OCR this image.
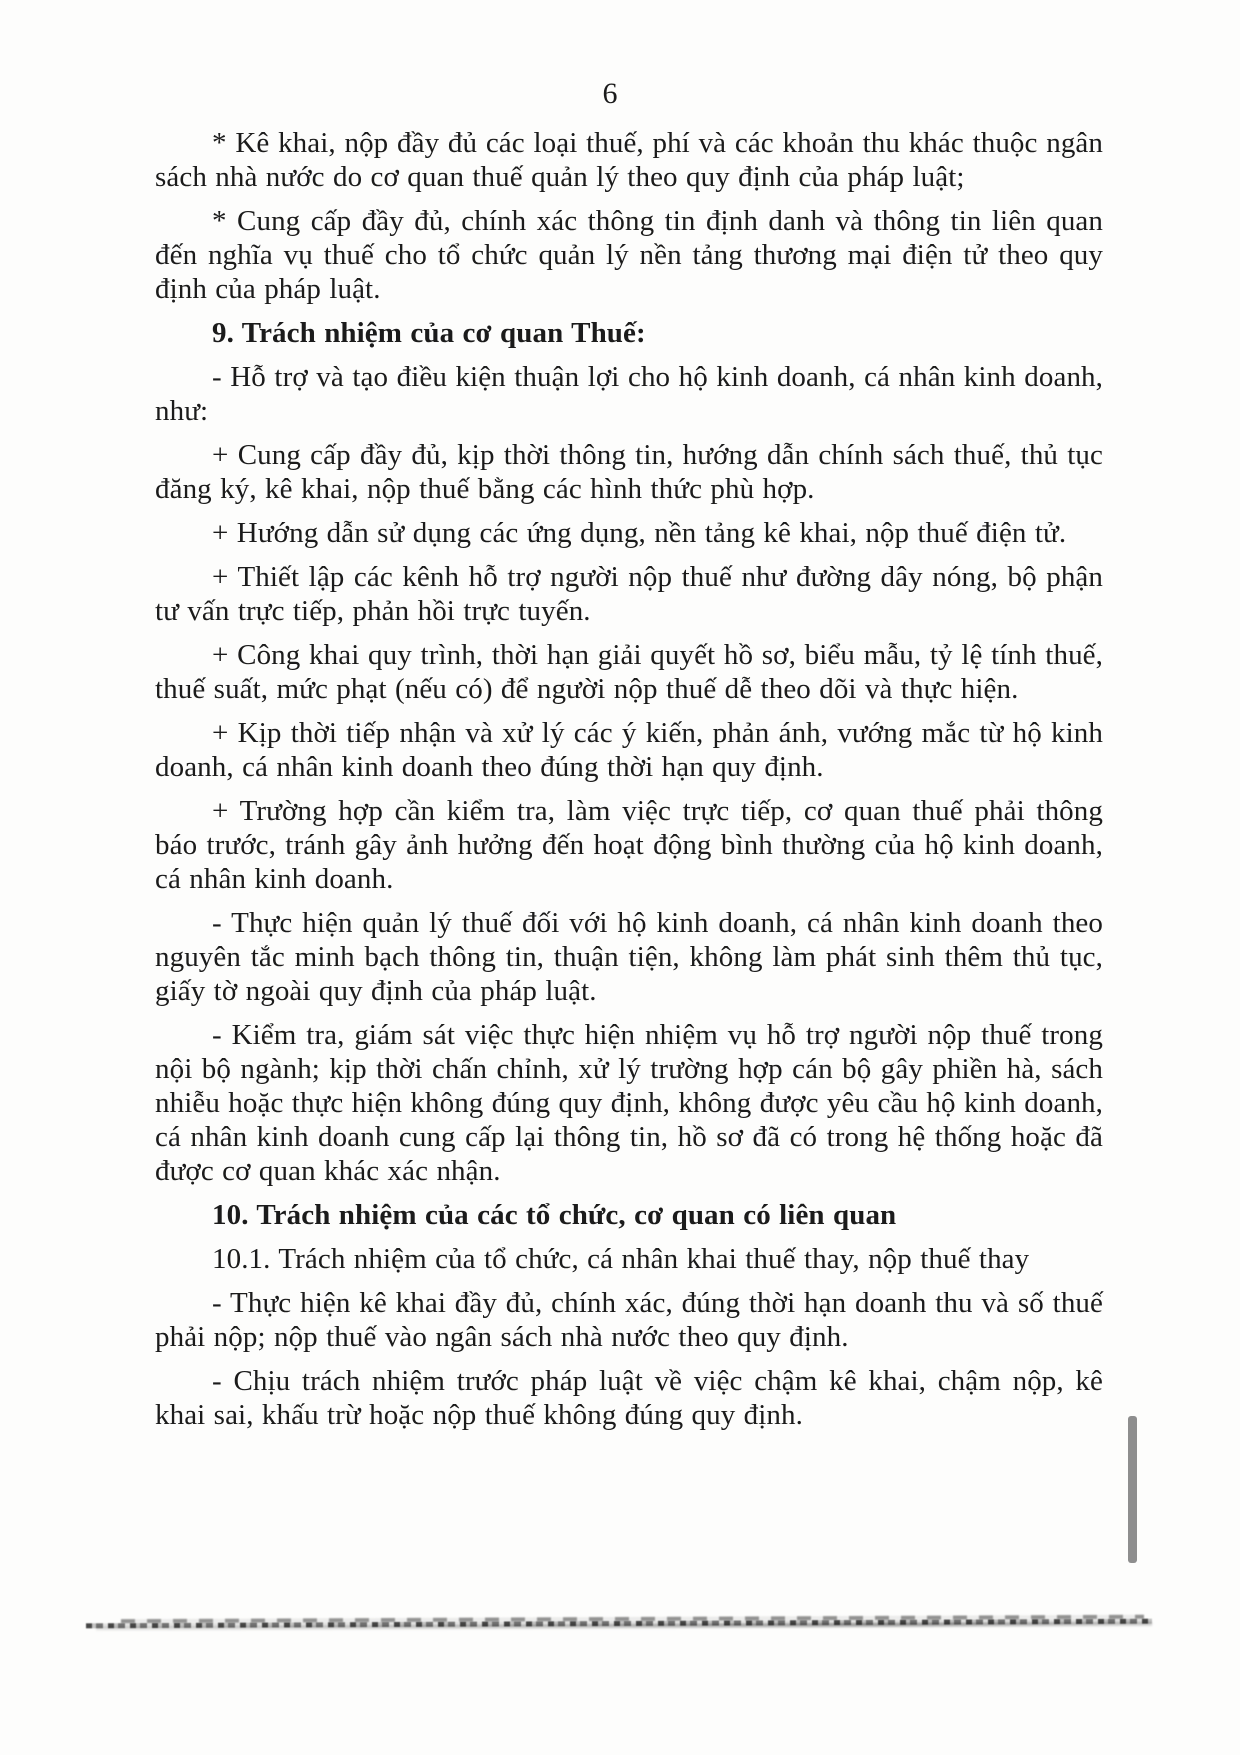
6

* Kê khai, nộp đầy đủ các loại thuế, phí và các khoản thu khác thuộc ngân sách nhà nước do cơ quan thuế quản lý theo quy định của pháp luật;

* Cung cấp đầy đủ, chính xác thông tin định danh và thông tin liên quan đến nghĩa vụ thuế cho tổ chức quản lý nền tảng thương mại điện tử theo quy định của pháp luật.

9. Trách nhiệm của cơ quan Thuế:

- Hỗ trợ và tạo điều kiện thuận lợi cho hộ kinh doanh, cá nhân kinh doanh, như:

+ Cung cấp đầy đủ, kịp thời thông tin, hướng dẫn chính sách thuế, thủ tục đăng ký, kê khai, nộp thuế bằng các hình thức phù hợp.

+ Hướng dẫn sử dụng các ứng dụng, nền tảng kê khai, nộp thuế điện tử.

+ Thiết lập các kênh hỗ trợ người nộp thuế như đường dây nóng, bộ phận tư vấn trực tiếp, phản hồi trực tuyến.

+ Công khai quy trình, thời hạn giải quyết hồ sơ, biểu mẫu, tỷ lệ tính thuế, thuế suất, mức phạt (nếu có) để người nộp thuế dễ theo dõi và thực hiện.

+ Kịp thời tiếp nhận và xử lý các ý kiến, phản ánh, vướng mắc từ hộ kinh doanh, cá nhân kinh doanh theo đúng thời hạn quy định.

+ Trường hợp cần kiểm tra, làm việc trực tiếp, cơ quan thuế phải thông báo trước, tránh gây ảnh hưởng đến hoạt động bình thường của hộ kinh doanh, cá nhân kinh doanh.

- Thực hiện quản lý thuế đối với hộ kinh doanh, cá nhân kinh doanh theo nguyên tắc minh bạch thông tin, thuận tiện, không làm phát sinh thêm thủ tục, giấy tờ ngoài quy định của pháp luật.

- Kiểm tra, giám sát việc thực hiện nhiệm vụ hỗ trợ người nộp thuế trong nội bộ ngành; kịp thời chấn chỉnh, xử lý trường hợp cán bộ gây phiền hà, sách nhiễu hoặc thực hiện không đúng quy định, không được yêu cầu hộ kinh doanh, cá nhân kinh doanh cung cấp lại thông tin, hồ sơ đã có trong hệ thống hoặc đã được cơ quan khác xác nhận.

10. Trách nhiệm của các tổ chức, cơ quan có liên quan

10.1. Trách nhiệm của tổ chức, cá nhân khai thuế thay, nộp thuế thay

- Thực hiện kê khai đầy đủ, chính xác, đúng thời hạn doanh thu và số thuế phải nộp; nộp thuế vào ngân sách nhà nước theo quy định.

- Chịu trách nhiệm trước pháp luật về việc chậm kê khai, chậm nộp, kê khai sai, khấu trừ hoặc nộp thuế không đúng quy định.
